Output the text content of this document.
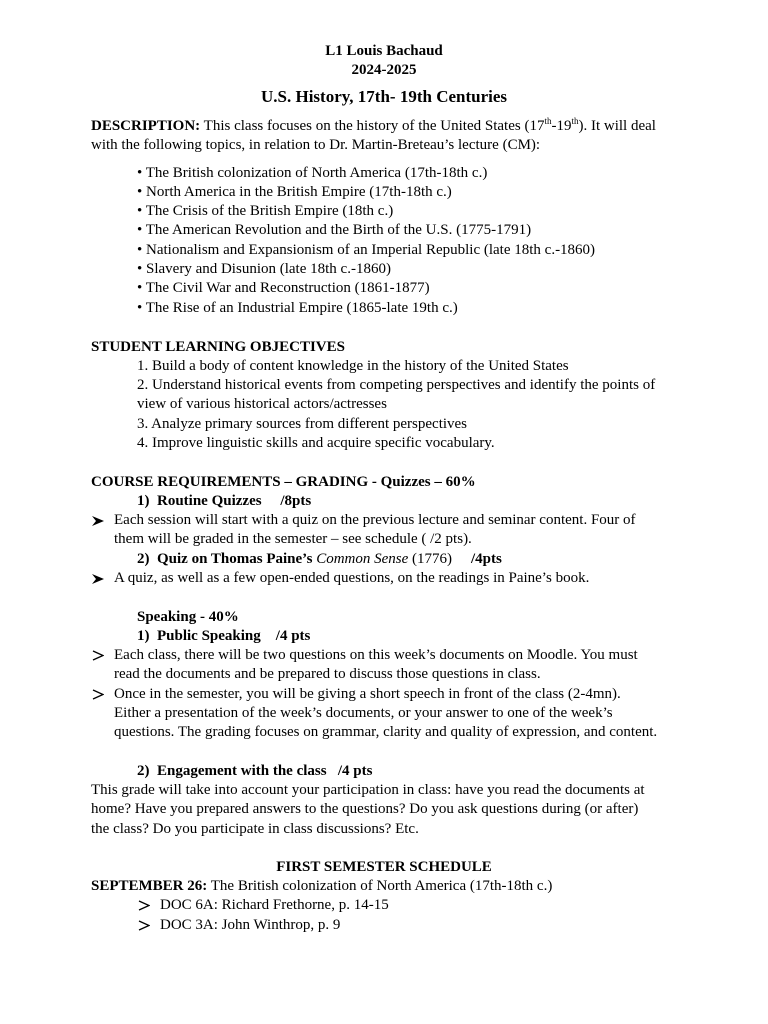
L1 Louis Bachaud
2024-2025
U.S. History, 17th- 19th Centuries
DESCRIPTION: This class focuses on the history of the United States (17th-19th). It will deal
with the following topics, in relation to Dr. Martin-Breteau’s lecture (CM):
• The British colonization of North America (17th-18th c.)
• North America in the British Empire (17th-18th c.)
• The Crisis of the British Empire (18th c.)
• The American Revolution and the Birth of the U.S. (1775-1791)
• Nationalism and Expansionism of an Imperial Republic (late 18th c.-1860)
• Slavery and Disunion (late 18th c.-1860)
• The Civil War and Reconstruction (1861-1877)
• The Rise of an Industrial Empire (1865-late 19th c.)
STUDENT LEARNING OBJECTIVES
1. Build a body of content knowledge in the history of the United States
2. Understand historical events from competing perspectives and identify the points of
view of various historical actors/actresses
3. Analyze primary sources from different perspectives
4. Improve linguistic skills and acquire specific vocabulary.
COURSE REQUIREMENTS – GRADING - Quizzes – 60%
1)  Routine Quizzes     /8pts
Each session will start with a quiz on the previous lecture and seminar content. Four of
them will be graded in the semester – see schedule ( /2 pts).
2)  Quiz on Thomas Paine’s Common Sense (1776) /4pts
A quiz, as well as a few open-ended questions, on the readings in Paine’s book.
Speaking - 40%
1)  Public Speaking    /4 pts
Each class, there will be two questions on this week’s documents on Moodle. You must
read the documents and be prepared to discuss those questions in class.
Once in the semester, you will be giving a short speech in front of the class (2-4mn).
Either a presentation of the week’s documents, or your answer to one of the week’s
questions. The grading focuses on grammar, clarity and quality of expression, and content.
2)  Engagement with the class   /4 pts
This grade will take into account your participation in class: have you read the documents at
home? Have you prepared answers to the questions? Do you ask questions during (or after)
the class? Do you participate in class discussions? Etc.
FIRST SEMESTER SCHEDULE
SEPTEMBER 26: The British colonization of North America (17th-18th c.)
DOC 6A: Richard Frethorne, p. 14-15
DOC 3A: John Winthrop, p. 9
